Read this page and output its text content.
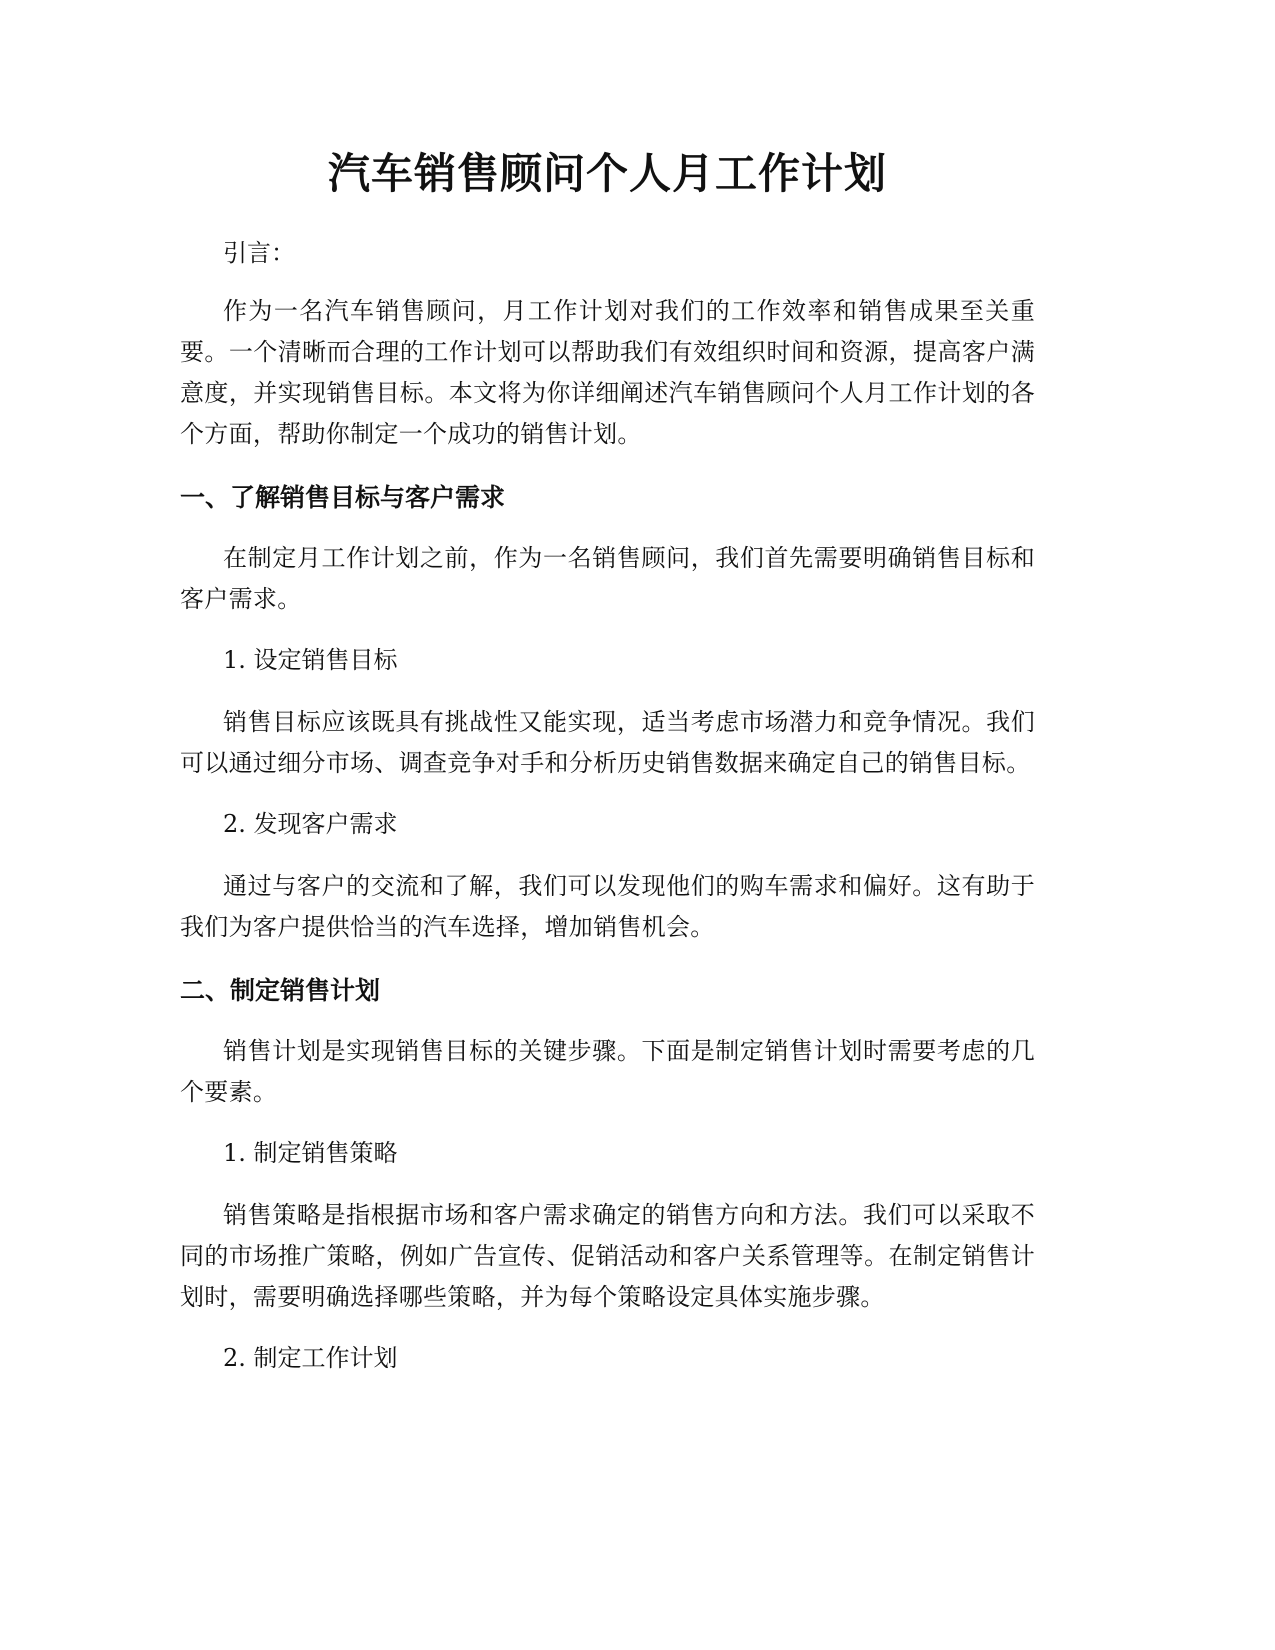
汽车销售顾问个人月工作计划

引言：

作为一名汽车销售顾问，月工作计划对我们的工作效率和销售成果至关重要。一个清晰而合理的工作计划可以帮助我们有效组织时间和资源，提高客户满意度，并实现销售目标。本文将为你详细阐述汽车销售顾问个人月工作计划的各个方面，帮助你制定一个成功的销售计划。

一、了解销售目标与客户需求

在制定月工作计划之前，作为一名销售顾问，我们首先需要明确销售目标和客户需求。

1. 设定销售目标

销售目标应该既具有挑战性又能实现，适当考虑市场潜力和竞争情况。我们可以通过细分市场、调查竞争对手和分析历史销售数据来确定自己的销售目标。

2. 发现客户需求

通过与客户的交流和了解，我们可以发现他们的购车需求和偏好。这有助于我们为客户提供恰当的汽车选择，增加销售机会。

二、制定销售计划

销售计划是实现销售目标的关键步骤。下面是制定销售计划时需要考虑的几个要素。

1. 制定销售策略

销售策略是指根据市场和客户需求确定的销售方向和方法。我们可以采取不同的市场推广策略，例如广告宣传、促销活动和客户关系管理等。在制定销售计划时，需要明确选择哪些策略，并为每个策略设定具体实施步骤。

2. 制定工作计划
